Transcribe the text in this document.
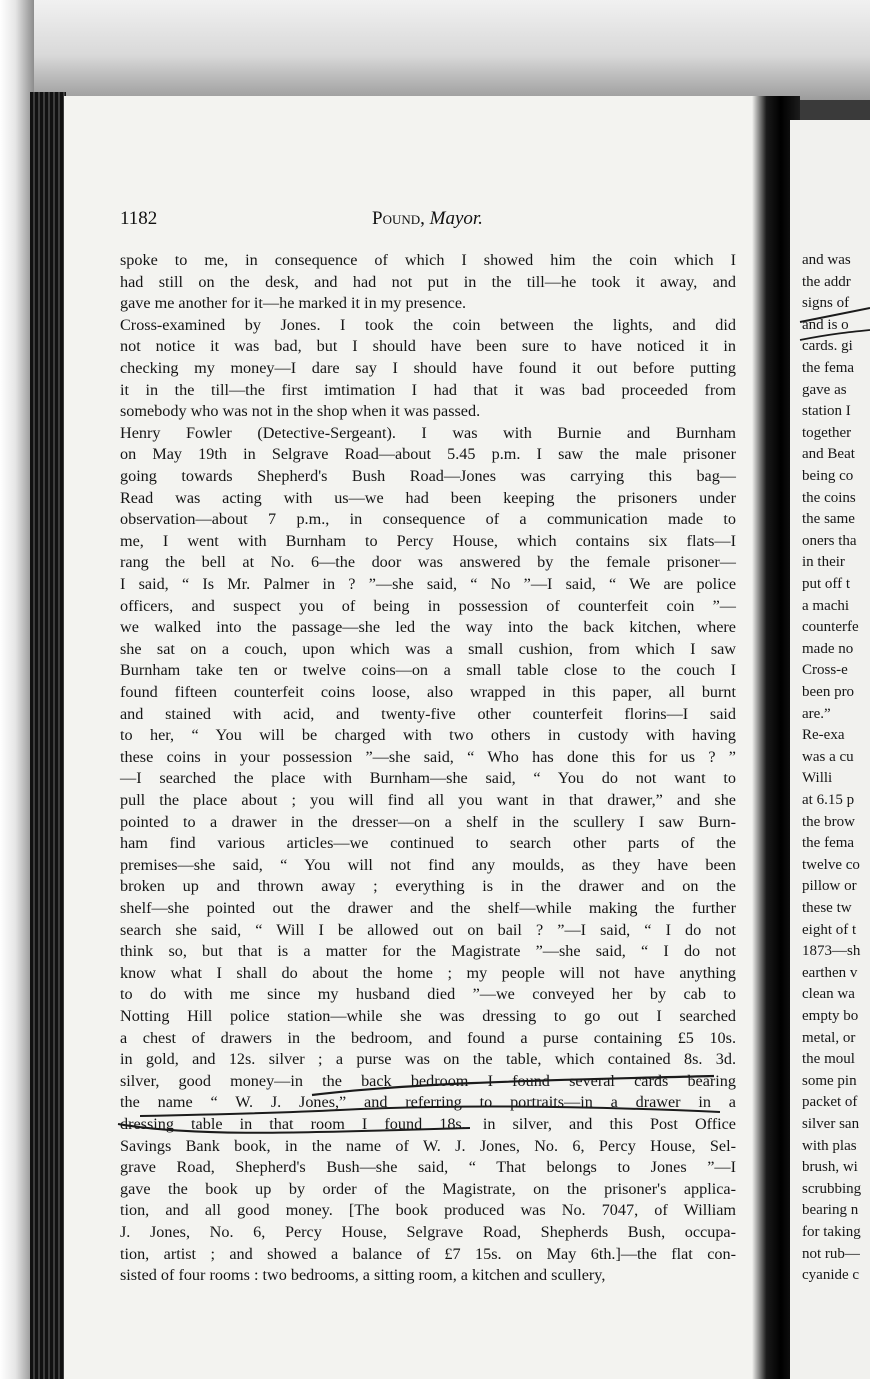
and was
the addr
signs of
and is o
cards. gi
the fema
gave as
station I
together
and Beat
being co
the coins
the same
oners tha
in their
put off t
a machi
counterfe
made no
Cross-e
been pro
are.”
Re-exa
was a cu
Willi
at 6.15 p
the brow
the fema
twelve co
pillow or
these tw
eight of t
1873—sh
earthen v
clean wa
empty bo
metal, or
the moul
some pin
packet of
silver san
with plas
brush, wi
scrubbing
bearing n
for taking
not rub—
cyanide c
1182	Pound, Mayor.
spoke to me, in consequence of which I showed him the coin which I
had still on the desk, and had not put in the till—he took it away, and
gave me another for it—he marked it in my presence.
Cross-examined by Jones. I took the coin between the lights, and did
not notice it was bad, but I should have been sure to have noticed it in
checking my money—I dare say I should have found it out before putting
it in the till—the first imtimation I had that it was bad proceeded from
somebody who was not in the shop when it was passed.
Henry Fowler (Detective-Sergeant). I was with Burnie and Burnham
on May 19th in Selgrave Road—about 5.45 p.m. I saw the male prisoner
going towards Shepherd's Bush Road—Jones was carrying this bag—
Read was acting with us—we had been keeping the prisoners under
observation—about 7 p.m., in consequence of a communication made to
me, I went with Burnham to Percy House, which contains six flats—I
rang the bell at No. 6—the door was answered by the female prisoner—
I said, “ Is Mr. Palmer in ? ”—she said, “ No ”—I said, “ We are police
officers, and suspect you of being in possession of counterfeit coin ”—
we walked into the passage—she led the way into the back kitchen, where
she sat on a couch, upon which was a small cushion, from which I saw
Burnham take ten or twelve coins—on a small table close to the couch I
found fifteen counterfeit coins loose, also wrapped in this paper, all burnt
and stained with acid, and twenty-five other counterfeit florins—I said
to her, “ You will be charged with two others in custody with having
these coins in your possession ”—she said, “ Who has done this for us ? ”
—I searched the place with Burnham—she said, “ You do not want to
pull the place about ; you will find all you want in that drawer,” and she
pointed to a drawer in the dresser—on a shelf in the scullery I saw Burn-
ham find various articles—we continued to search other parts of the
premises—she said, “ You will not find any moulds, as they have been
broken up and thrown away ; everything is in the drawer and on the
shelf—she pointed out the drawer and the shelf—while making the further
search she said, “ Will I be allowed out on bail ? ”—I said, “ I do not
think so, but that is a matter for the Magistrate ”—she said, “ I do not
know what I shall do about the home ; my people will not have anything
to do with me since my husband died ”—we conveyed her by cab to
Notting Hill police station—while she was dressing to go out I searched
a chest of drawers in the bedroom, and found a purse containing £5 10s.
in gold, and 12s. silver ; a purse was on the table, which contained 8s. 3d.
silver, good money—in the back bedroom I found several cards bearing
the name “ W. J. Jones,” and referring to portraits—in a drawer in a
dressing table in that room I found 18s. in silver, and this Post Office
Savings Bank book, in the name of W. J. Jones, No. 6, Percy House, Sel-
grave Road, Shepherd's Bush—she said, “ That belongs to Jones ”—I
gave the book up by order of the Magistrate, on the prisoner's applica-
tion, and all good money. [The book produced was No. 7047, of William
J. Jones, No. 6, Percy House, Selgrave Road, Shepherds Bush, occupa-
tion, artist ; and showed a balance of £7 15s. on May 6th.]—the flat con-
sisted of four rooms : two bedrooms, a sitting room, a kitchen and scullery,
